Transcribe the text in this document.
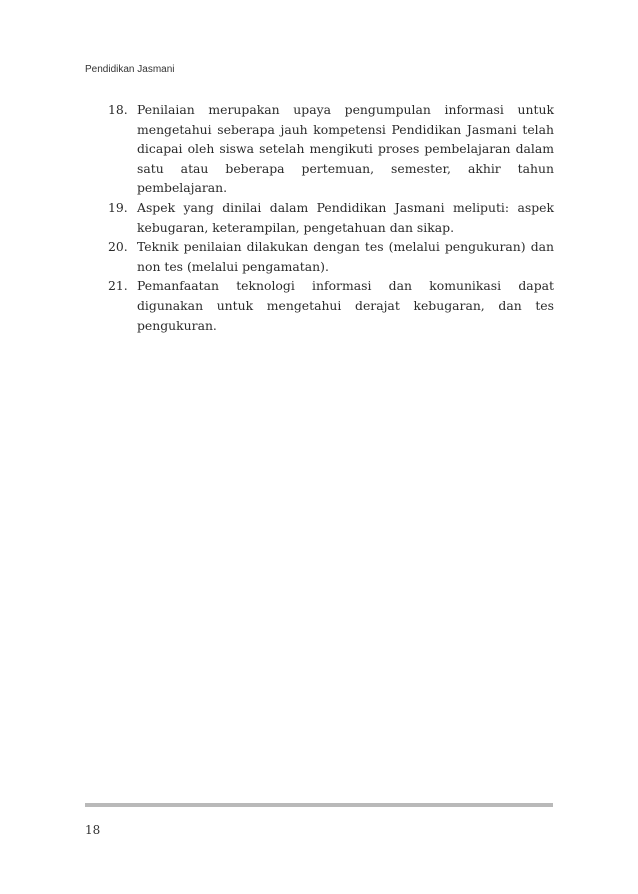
Pendidikan Jasmani
18. Penilaian merupakan upaya pengumpulan informasi untuk mengetahui seberapa jauh kompetensi Pendidikan Jasmani telah dicapai oleh siswa setelah mengikuti proses pembelajaran dalam satu atau beberapa pertemuan, semester, akhir tahun pembelajaran.
19. Aspek yang dinilai dalam Pendidikan Jasmani meliputi: aspek kebugaran, keterampilan, pengetahuan dan sikap.
20. Teknik penilaian dilakukan dengan tes (melalui pengukuran) dan non tes (melalui pengamatan).
21. Pemanfaatan teknologi informasi dan komunikasi dapat digunakan untuk mengetahui derajat kebugaran, dan tes pengukuran.
18
